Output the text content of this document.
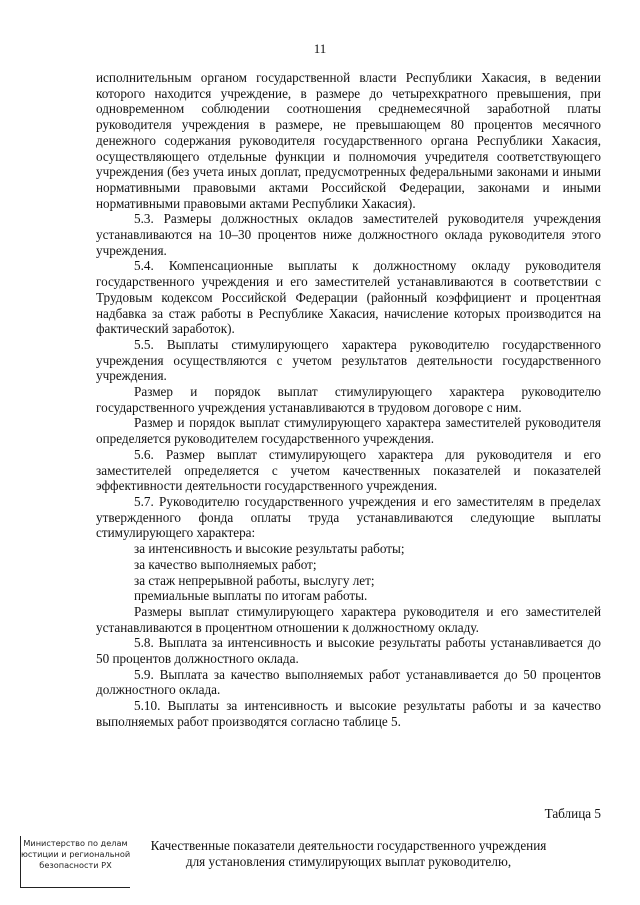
11

исполнительным органом государственной власти Республики Хакасия, в ведении которого находится учреждение, в размере до четырехкратного превышения, при одновременном соблюдении соотношения среднемесячной заработной платы руководителя учреждения в размере, не превышающем 80 процентов месячного денежного содержания руководителя государственного органа Республики Хакасия, осуществляющего отдельные функции и полномочия учредителя соответствующего учреждения (без учета иных доплат, предусмотренных федеральными законами и иными нормативными правовыми актами Российской Федерации, законами и иными нормативными правовыми актами Республики Хакасия).

5.3. Размеры должностных окладов заместителей руководителя учреждения устанавливаются на 10–30 процентов ниже должностного оклада руководителя этого учреждения.

5.4. Компенсационные выплаты к должностному окладу руководителя государственного учреждения и его заместителей устанавливаются в соответствии с Трудовым кодексом Российской Федерации (районный коэффициент и процентная надбавка за стаж работы в Республике Хакасия, начисление которых производится на фактический заработок).

5.5. Выплаты стимулирующего характера руководителю государственного учреждения осуществляются с учетом результатов деятельности государственного учреждения.

Размер и порядок выплат стимулирующего характера руководителю государственного учреждения устанавливаются в трудовом договоре с ним.

Размер и порядок выплат стимулирующего характера заместителей руководителя определяется руководителем государственного учреждения.

5.6. Размер выплат стимулирующего характера для руководителя и его заместителей определяется с учетом качественных показателей и показателей эффективности деятельности государственного учреждения.

5.7. Руководителю государственного учреждения и его заместителям в пределах утвержденного фонда оплаты труда устанавливаются следующие выплаты стимулирующего характера:

за интенсивность и высокие результаты работы;

за качество выполняемых работ;

за стаж непрерывной работы, выслугу лет;

премиальные выплаты по итогам работы.

Размеры выплат стимулирующего характера руководителя и его заместителей устанавливаются в процентном отношении к должностному окладу.

5.8. Выплата за интенсивность и высокие результаты работы устанавливается до 50 процентов должностного оклада.

5.9. Выплата за качество выполняемых работ устанавливается до 50 процентов должностного оклада.

5.10. Выплаты за интенсивность и высокие результаты работы и за качество выполняемых работ производятся согласно таблице 5.

Таблица 5
Качественные показатели деятельности государственного учреждения
для установления стимулирующих выплат руководителю,
Министерство по делам
юстиции и региональной
безопасности РХ
